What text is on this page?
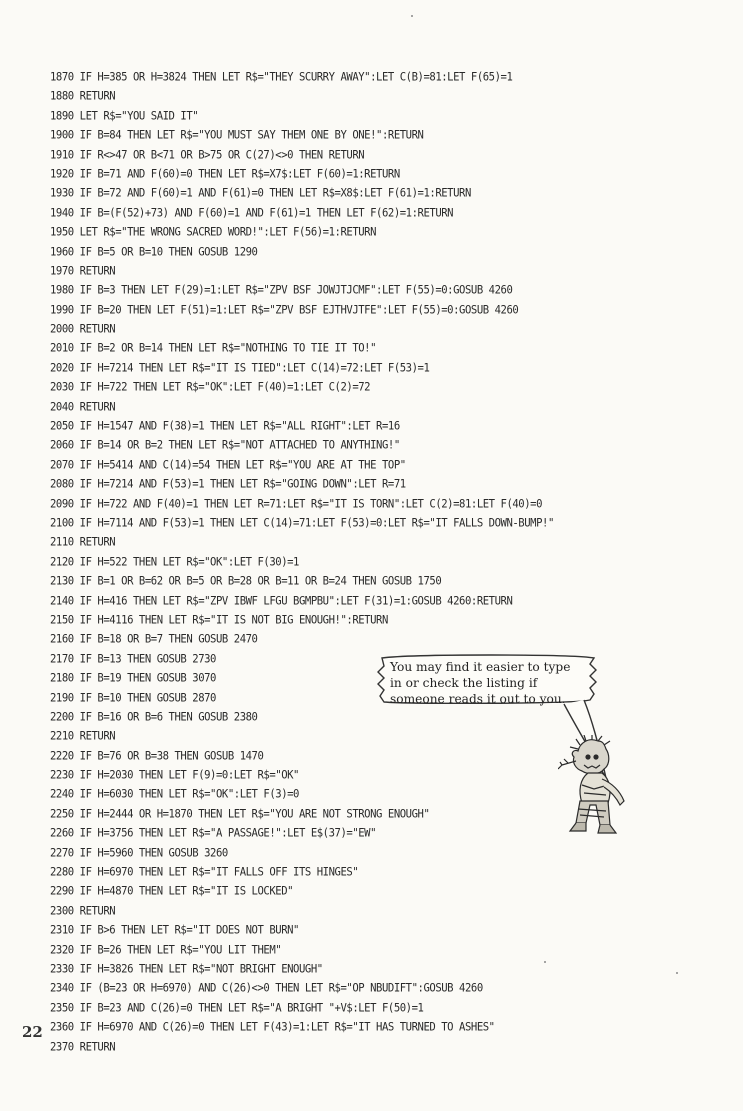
1870 IF H=385 OR H=3824 THEN LET R$="THEY SCURRY AWAY":LET C(B)=81:LET F(65)=1
1880 RETURN
1890 LET R$="YOU SAID IT"
1900 IF B=84 THEN LET R$="YOU MUST SAY THEM ONE BY ONE!":RETURN
1910 IF R<>47 OR B<71 OR B>75 OR C(27)<>0 THEN RETURN
1920 IF B=71 AND F(60)=0 THEN LET R$=X7$:LET F(60)=1:RETURN
1930 IF B=72 AND F(60)=1 AND F(61)=0 THEN LET R$=X8$:LET F(61)=1:RETURN
1940 IF B=(F(52)+73) AND F(60)=1 AND F(61)=1 THEN LET F(62)=1:RETURN
1950 LET R$="THE WRONG SACRED WORD!":LET F(56)=1:RETURN
1960 IF B=5 OR B=10 THEN GOSUB 1290
1970 RETURN
1980 IF B=3 THEN LET F(29)=1:LET R$="ZPV BSF JOWJTJCMF":LET F(55)=0:GOSUB 4260
1990 IF B=20 THEN LET F(51)=1:LET R$="ZPV BSF EJTHVJTFE":LET F(55)=0:GOSUB 4260
2000 RETURN
2010 IF B=2 OR B=14 THEN LET R$="NOTHING TO TIE IT TO!"
2020 IF H=7214 THEN LET R$="IT IS TIED":LET C(14)=72:LET F(53)=1
2030 IF H=722 THEN LET R$="OK":LET F(40)=1:LET C(2)=72
2040 RETURN
2050 IF H=1547 AND F(38)=1 THEN LET R$="ALL RIGHT":LET R=16
2060 IF B=14 OR B=2 THEN LET R$="NOT ATTACHED TO ANYTHING!"
2070 IF H=5414 AND C(14)=54 THEN LET R$="YOU ARE AT THE TOP"
2080 IF H=7214 AND F(53)=1 THEN LET R$="GOING DOWN":LET R=71
2090 IF H=722 AND F(40)=1 THEN LET R=71:LET R$="IT IS TORN":LET C(2)=81:LET F(40)=0
2100 IF H=7114 AND F(53)=1 THEN LET C(14)=71:LET F(53)=0:LET R$="IT FALLS DOWN-BUMP!"
2110 RETURN
2120 IF H=522 THEN LET R$="OK":LET F(30)=1
2130 IF B=1 OR B=62 OR B=5 OR B=28 OR B=11 OR B=24 THEN GOSUB 1750
2140 IF H=416 THEN LET R$="ZPV IBWF LFGU BGMPBU":LET F(31)=1:GOSUB 4260:RETURN
2150 IF H=4116 THEN LET R$="IT IS NOT BIG ENOUGH!":RETURN
2160 IF B=18 OR B=7 THEN GOSUB 2470
2170 IF B=13 THEN GOSUB 2730
2180 IF B=19 THEN GOSUB 3070
2190 IF B=10 THEN GOSUB 2870
2200 IF B=16 OR B=6 THEN GOSUB 2380
2210 RETURN
2220 IF B=76 OR B=38 THEN GOSUB 1470
2230 IF H=2030 THEN LET F(9)=0:LET R$="OK"
2240 IF H=6030 THEN LET R$="OK":LET F(3)=0
2250 IF H=2444 OR H=1870 THEN LET R$="YOU ARE NOT STRONG ENOUGH"
2260 IF H=3756 THEN LET R$="A PASSAGE!":LET E$(37)="EW"
2270 IF H=5960 THEN GOSUB 3260
2280 IF H=6970 THEN LET R$="IT FALLS OFF ITS HINGES"
2290 IF H=4870 THEN LET R$="IT IS LOCKED"
2300 RETURN
2310 IF B>6 THEN LET R$="IT DOES NOT BURN"
2320 IF B=26 THEN LET R$="YOU LIT THEM"
2330 IF H=3826 THEN LET R$="NOT BRIGHT ENOUGH"
2340 IF (B=23 OR H=6970) AND C(26)<>0 THEN LET R$="OP NBUDIFT":GOSUB 4260
2350 IF B=23 AND C(26)=0 THEN LET R$="A BRIGHT "+V$:LET F(50)=1
2360 IF H=6970 AND C(26)=0 THEN LET F(43)=1:LET R$="IT HAS TURNED TO ASHES"
2370 RETURN
22
You may find it easier to type
in or check the listing if
someone reads it out to you.
